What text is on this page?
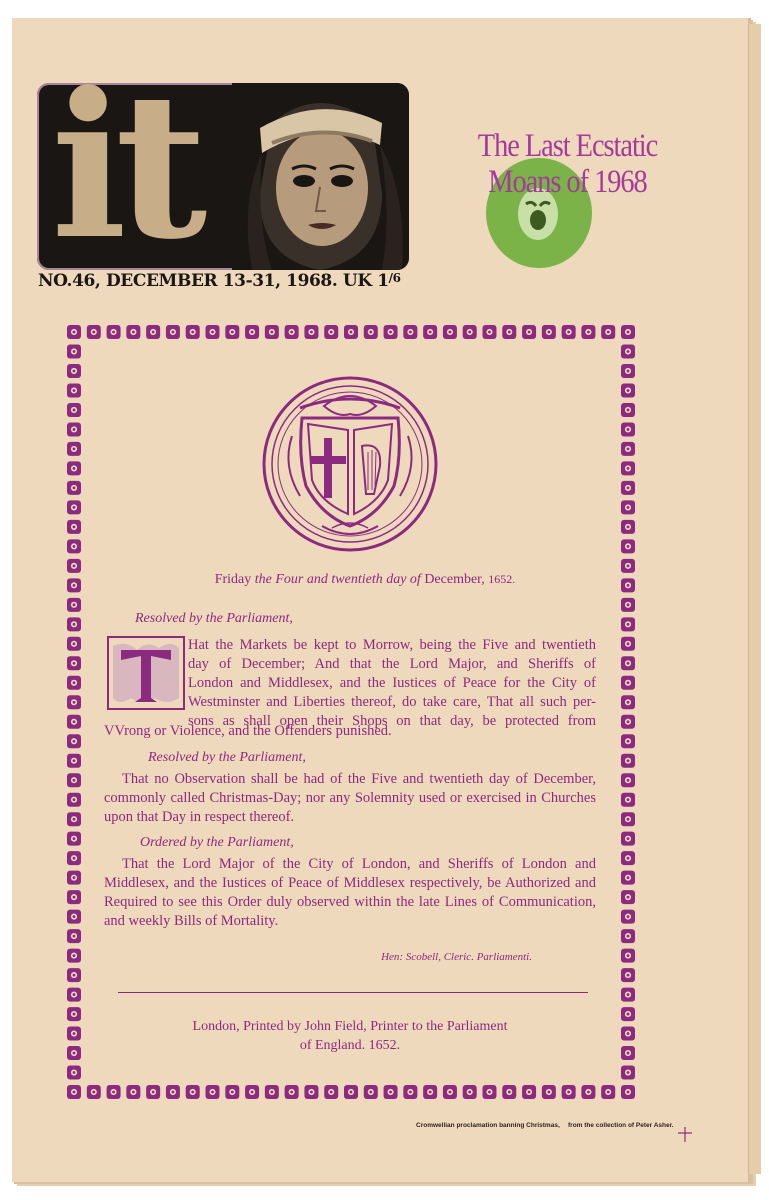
it
NO.46, DECEMBER 13-31, 1968. UK $1^{/6}$
The Last Ecstatic
Moans of 1968
Friday the Four and twentieth day of December, 1652.
Resolved by the Parliament,
Hat the Markets be kept to Morrow, being the Five and twentieth
day of December; And that the Lord Major, and Sheriffs of
London and Middlesex, and the Iustices of Peace for the City of
Westminster and Liberties thereof, do take care, That all such per-
sons as shall open their Shops on that day, be protected from
VVrong or Violence, and the Offenders punished.
Resolved by the Parliament,
That no Observation shall be had of the Five and twentieth day of December, commonly called Christmas-Day; nor any Solemnity used or exercised in Churches upon that Day in respect thereof.
Ordered by the Parliament,
That the Lord Major of the City of London, and Sheriffs of London and Middlesex, and the Iustices of Peace of Middlesex respectively, be Authorized and Required to see this Order duly observed within the late Lines of Communication, and weekly Bills of Mortality.
Hen: Scobell, Cleric. Parliamenti.
London, Printed by John Field, Printer to the Parliament
of England. 1652.
Cromwellian proclamation banning Christmas, from the collection of Peter Asher.
